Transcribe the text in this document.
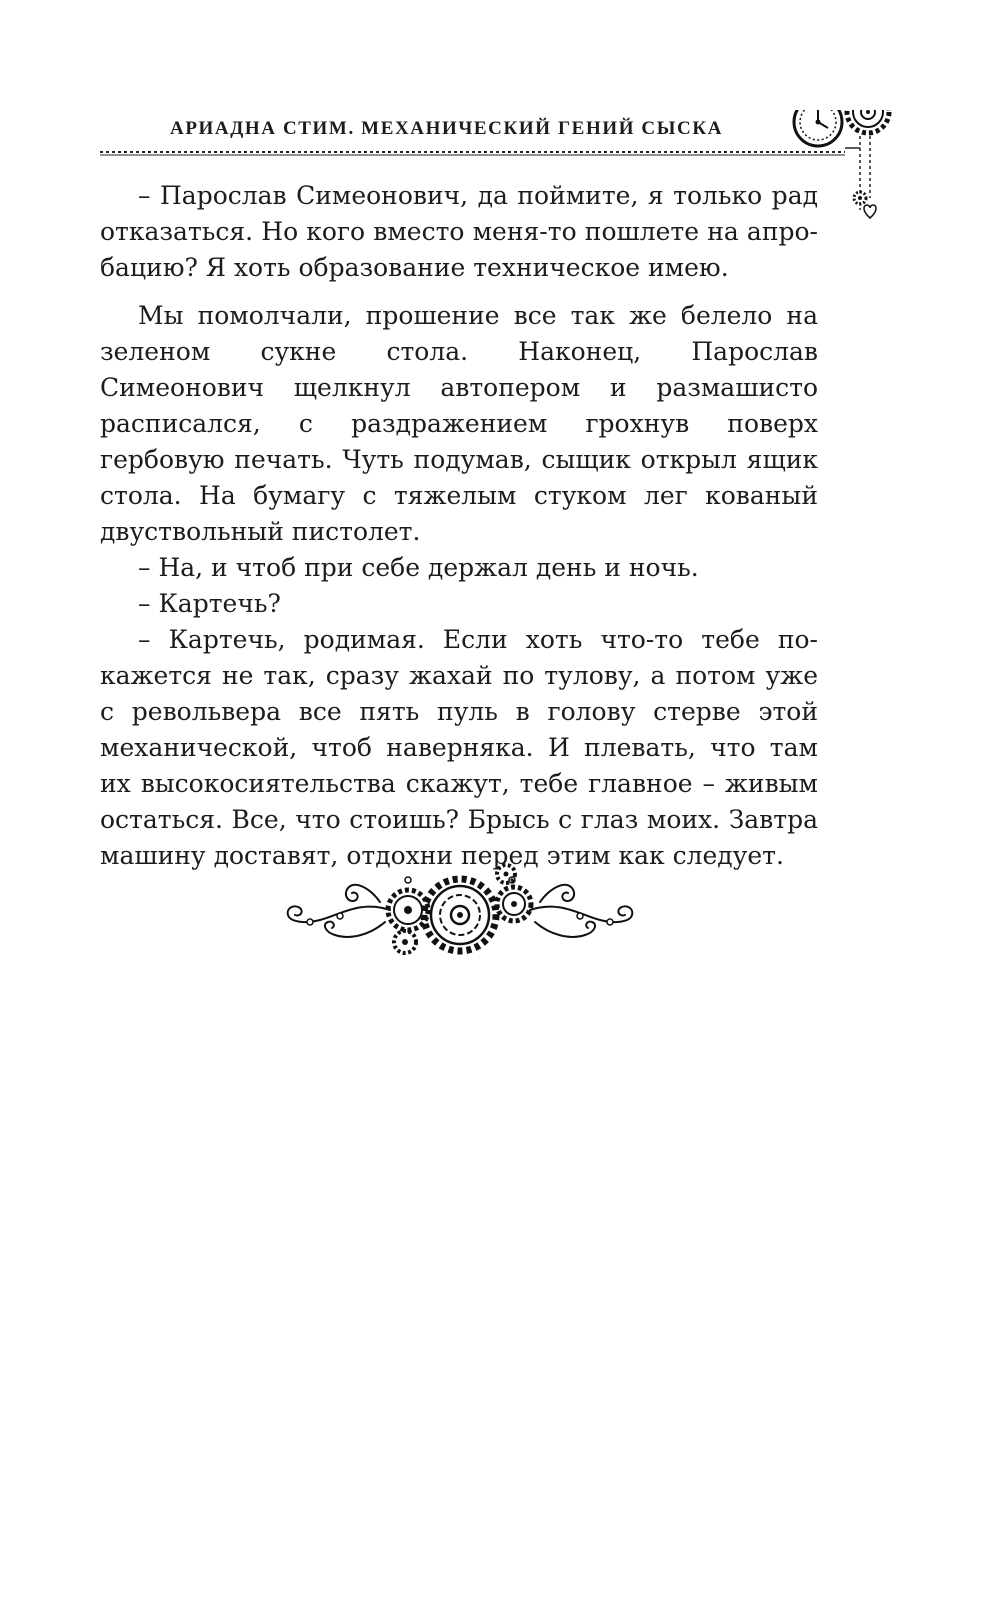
АРИАДНА СТИМ. МЕХАНИЧЕСКИЙ ГЕНИЙ СЫСКА

– Парослав Симеонович, да поймите, я только рад отказаться. Но кого вместо меня-то пошлете на апробацию? Я хоть образование техническое имею.

Мы помолчали, прошение все так же белело на зеленом сукне стола. Наконец, Парослав Симеонович щелкнул автопером и размашисто расписался, с раздражением грохнув поверх гербовую печать. Чуть подумав, сыщик открыл ящик стола. На бумагу с тяжелым стуком лег кованый двуствольный пистолет.

– На, и чтоб при себе держал день и ночь.

– Картечь?

– Картечь, родимая. Если хоть что-то тебе покажется не так, сразу жахай по тулову, а потом уже с револьвера все пять пуль в голову стерве этой механической, чтоб наверняка. И плевать, что там их высокосиятельства скажут, тебе главное – живым остаться. Все, что стоишь? Брысь с глаз моих. Завтра машину доставят, отдохни перед этим как следует.
